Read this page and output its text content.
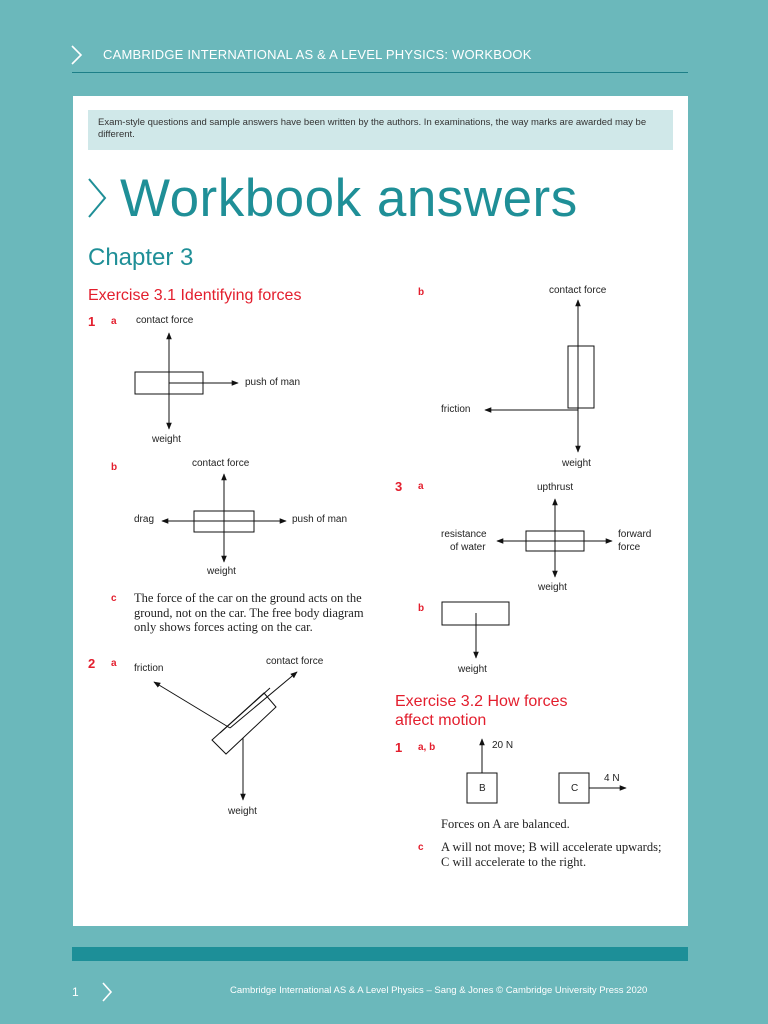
CAMBRIDGE INTERNATIONAL AS & A LEVEL PHYSICS: WORKBOOK
Exam-style questions and sample answers have been written by the authors. In examinations, the way marks are awarded may be different.
Workbook answers
Chapter 3
Exercise 3.1 Identifying forces
1 a contact force
push of man
weight
b	contact force
drag	push of man
weight
c The force of the car on the ground acts on the ground, not on the car. The free body diagram only shows forces acting on the car.
2 a friction
contact force
weight
b	contact force
friction
weight
3 a	upthrust
resistance
of water
forward
force
weight
b
weight
Exercise 3.2 How forces
affect motion
1 a, b	20 N
B	C
4 N
Forces on A are balanced.
c A will not move; B will accelerate upwards; C will accelerate to the right.
1	Cambridge International AS & A Level Physics – Sang & Jones © Cambridge University Press 2020
